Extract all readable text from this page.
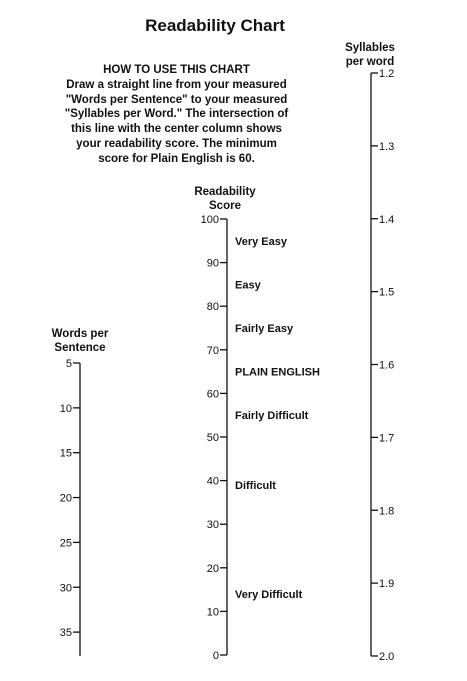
Readability Chart
HOW TO USE THIS CHART
Draw a straight line from your measured
"Words per Sentence" to your measured
"Syllables per Word." The intersection of
this line with the center column shows
your readability score. The minimum
score for Plain English is 60.
Words per
Sentence
Readability
Score
Syllables
per word
5
10
15
20
25
30
35
100
90
80
70
60
50
40
30
20
10
0
Very Easy
Easy
Fairly Easy
PLAIN ENGLISH
Fairly Difficult
Difficult
Very Difficult
1.2
1.3
1.4
1.5
1.6
1.7
1.8
1.9
2.0
